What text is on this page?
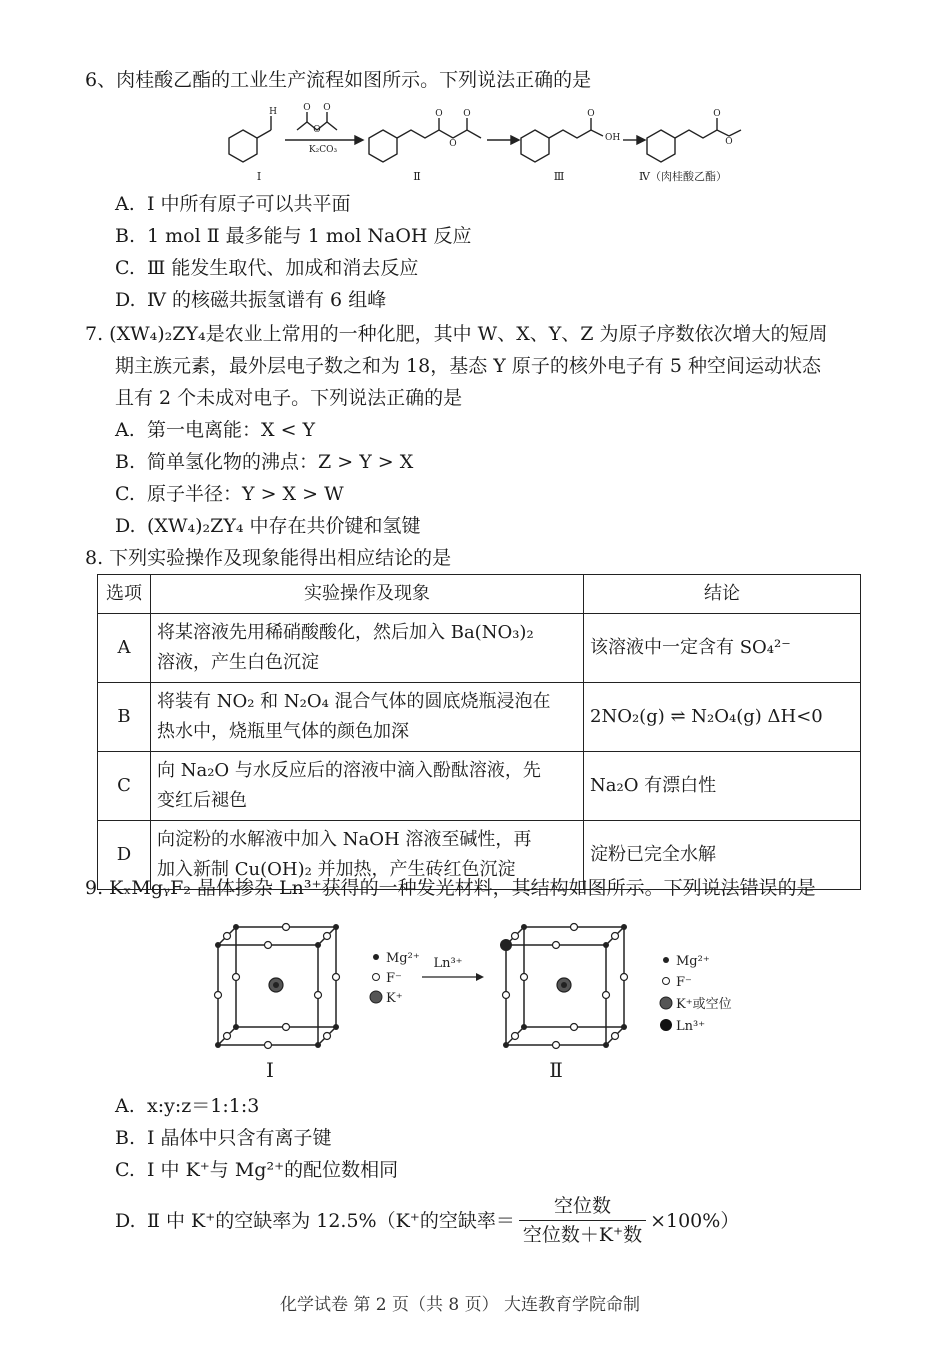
6、肉桂酸乙酯的工业生产流程如图所示。下列说法正确的是
O
O
O
H	O
O
O	O	O
O
K₂CO₃
OH
Ⅰ	Ⅱ	Ⅲ	Ⅳ（肉桂酸乙酯）
A. Ⅰ 中所有原子可以共平面
B. 1 mol Ⅱ 最多能与 1 mol NaOH 反应
C. Ⅲ 能发生取代、加成和消去反应
D. Ⅳ 的核磁共振氢谱有 6 组峰
7. (XW₄)₂ZY₄是农业上常用的一种化肥，其中 W、X、Y、Z 为原子序数依次增大的短周
期主族元素，最外层电子数之和为 18，基态 Y 原子的核外电子有 5 种空间运动状态
且有 2 个未成对电子。下列说法正确的是
A. 第一电离能：X < Y
B. 简单氢化物的沸点：Z > Y > X
C. 原子半径：Y > X > W
D. (XW₄)₂ZY₄ 中存在共价键和氢键
8. 下列实验操作及现象能得出相应结论的是
选项	实验操作及现象	结论
A	将某溶液先用稀硝酸酸化，然后加入 Ba(NO₃)₂
溶液，产生白色沉淀	该溶液中一定含有 SO₄²⁻
B	将装有 NO₂ 和 N₂O₄ 混合气体的圆底烧瓶浸泡在
热水中，烧瓶里气体的颜色加深	2NO₂(g) ⇌ N₂O₄(g) ΔH<0
C	向 Na₂O 与水反应后的溶液中滴入酚酞溶液，先
变红后褪色	Na₂O 有漂白性
D	向淀粉的水解液中加入 NaOH 溶液至碱性，再
加入新制 Cu(OH)₂ 并加热，产生砖红色沉淀	淀粉已完全水解
9. KₓMgᵧF₂ 晶体掺杂 Ln³⁺获得的一种发光材料，其结构如图所示。下列说法错误的是
Mg²⁺
F⁻
K⁺
Ln³⁺	Mg²⁺
F⁻
K⁺或空位
Ln³⁺
Ⅰ	Ⅱ
A. x:y:z＝1:1:3
B. Ⅰ 晶体中只含有离子键
C. Ⅰ 中 K⁺与 Mg²⁺的配位数相同
D. Ⅱ 中 K⁺的空缺率为 12.5%（K⁺的空缺率＝ $\frac{\text{空位数}}{\text{空位数＋K⁺数}} \times 100\%$）
化学试卷 第 2 页（共 8 页） 大连教育学院命制
